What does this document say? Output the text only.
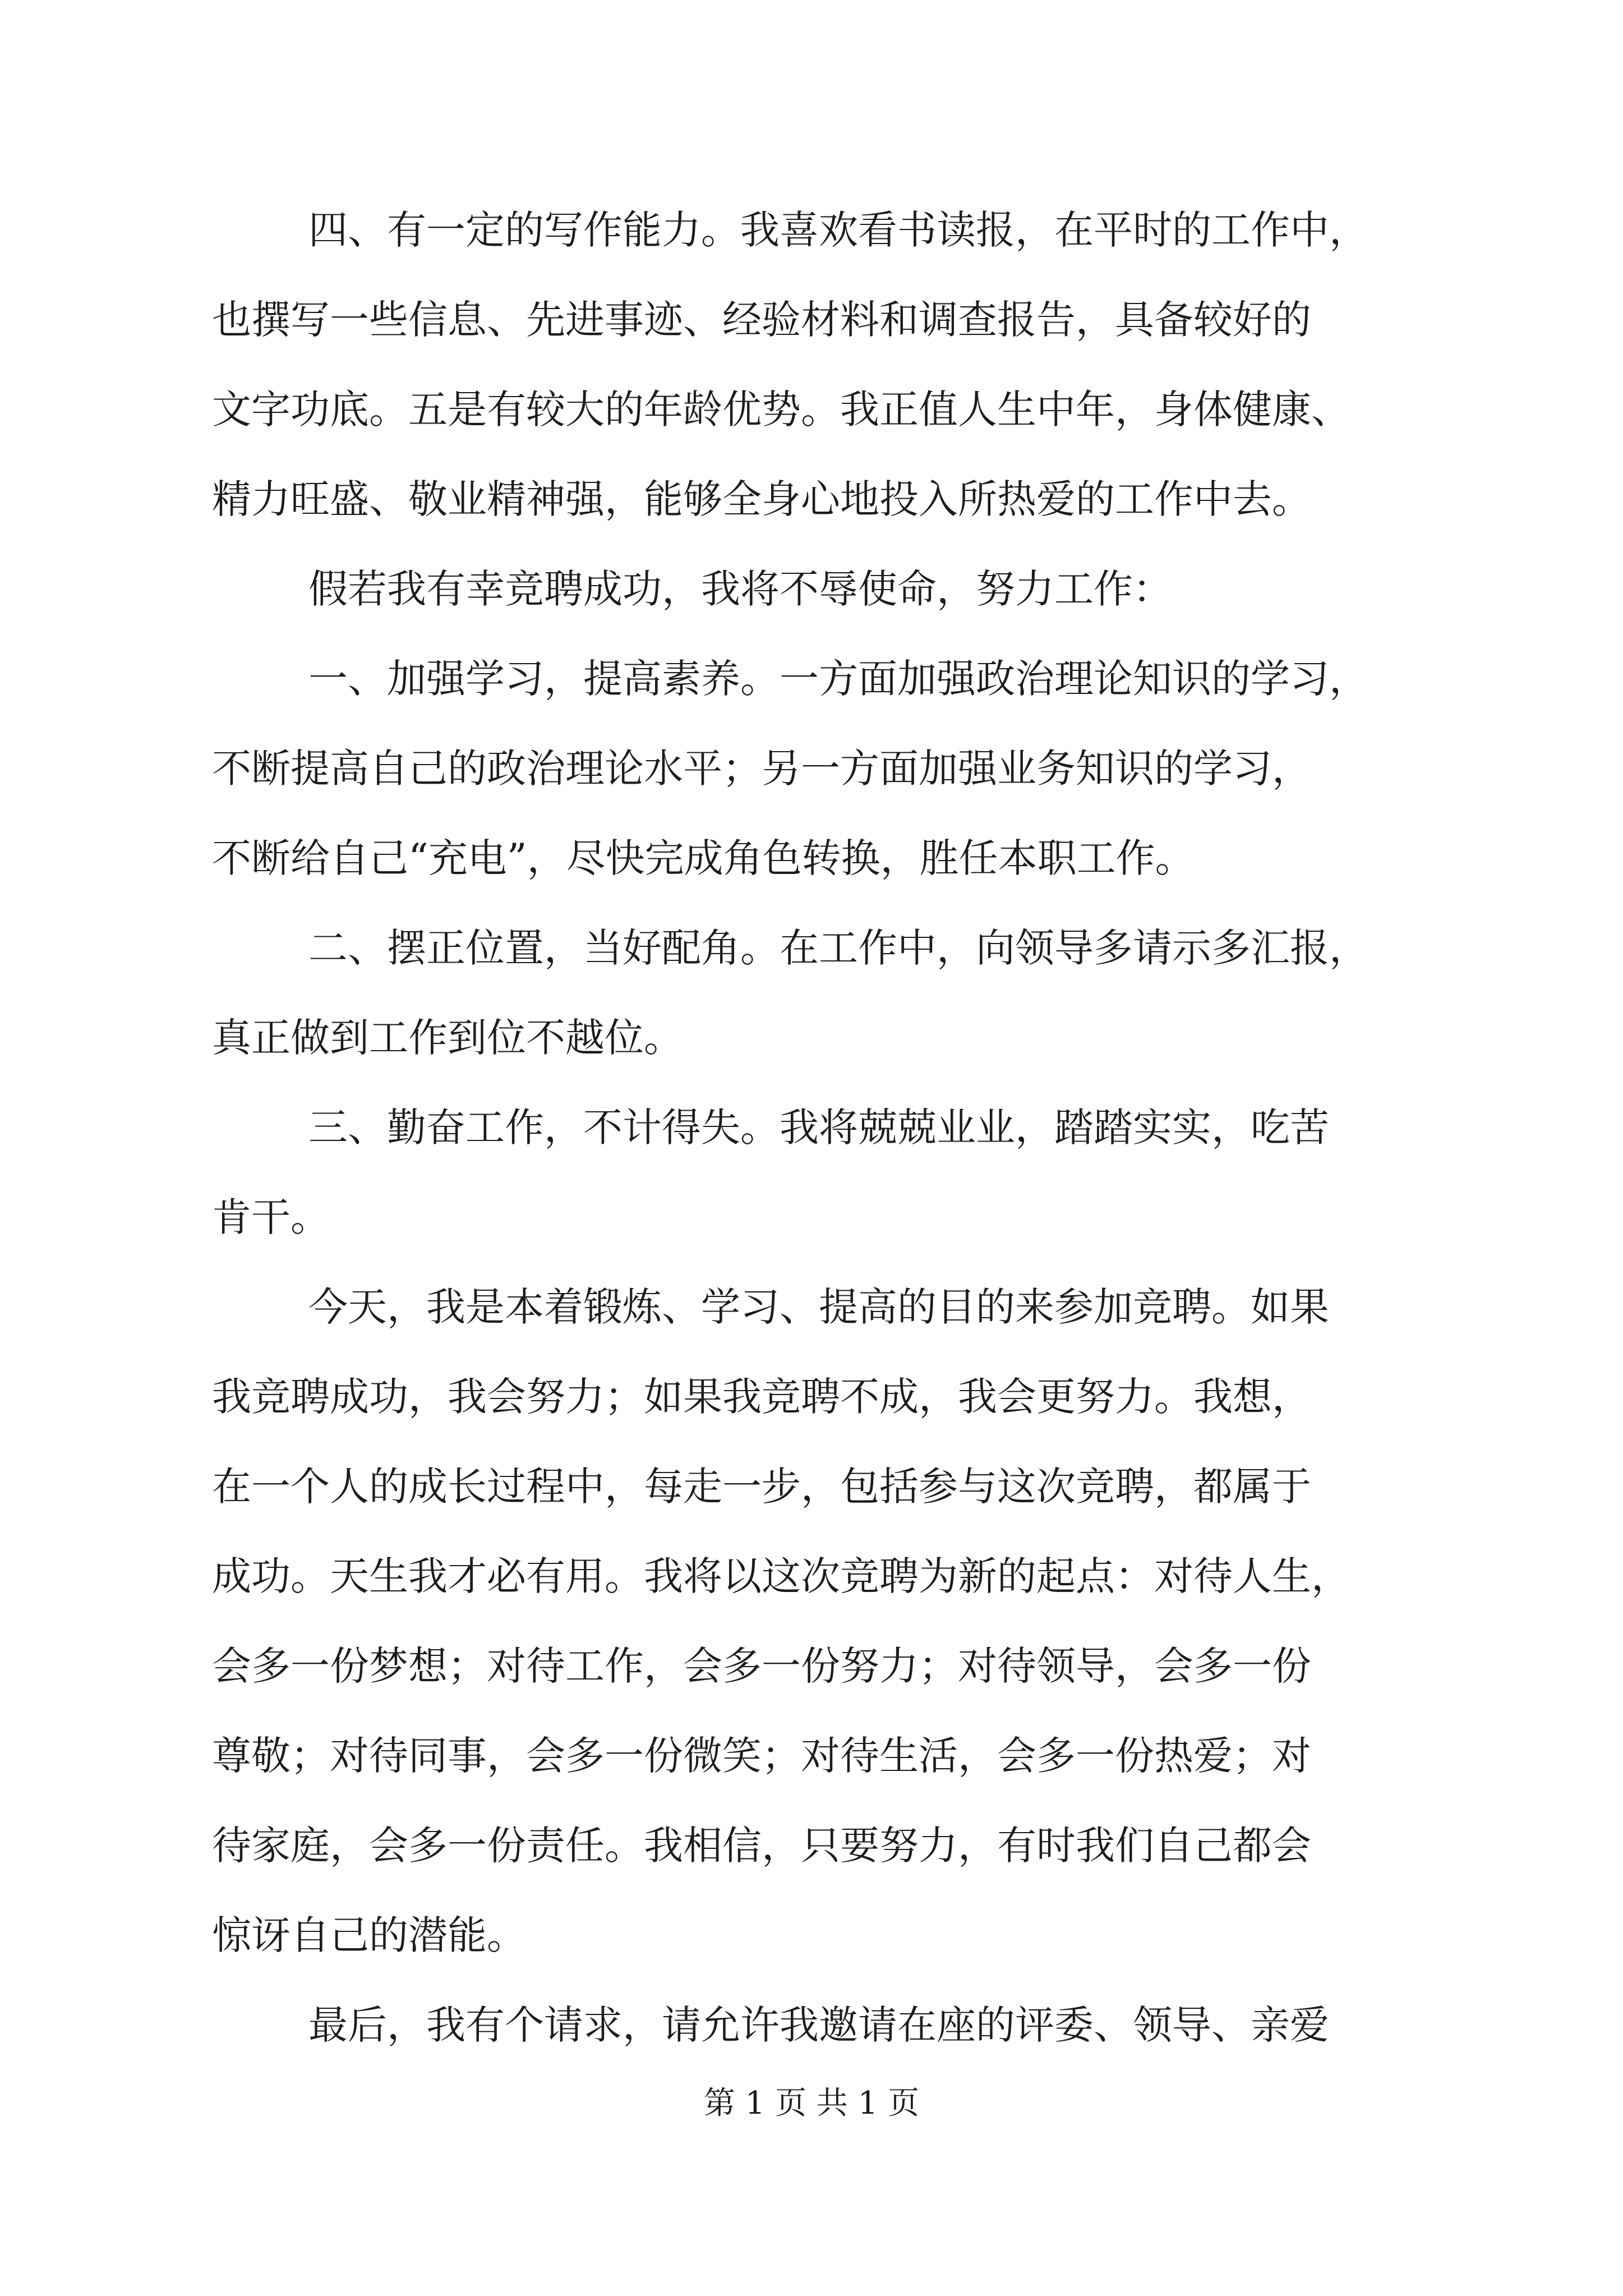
四、有一定的写作能力。我喜欢看书读报，在平时的工作中，
也撰写一些信息、先进事迹、经验材料和调查报告，具备较好的
文字功底。五是有较大的年龄优势。我正值人生中年，身体健康、
精力旺盛、敬业精神强，能够全身心地投入所热爱的工作中去。
假若我有幸竞聘成功，我将不辱使命，努力工作：
一、加强学习，提高素养。一方面加强政治理论知识的学习，
不断提高自己的政治理论水平；另一方面加强业务知识的学习，
不断给自己“充电”，尽快完成角色转换，胜任本职工作。
二、摆正位置，当好配角。在工作中，向领导多请示多汇报，
真正做到工作到位不越位。
三、勤奋工作，不计得失。我将兢兢业业，踏踏实实，吃苦
肯干。
今天，我是本着锻炼、学习、提高的目的来参加竞聘。如果
我竞聘成功，我会努力；如果我竞聘不成，我会更努力。我想，
在一个人的成长过程中，每走一步，包括参与这次竞聘，都属于
成功。天生我才必有用。我将以这次竞聘为新的起点：对待人生，
会多一份梦想；对待工作，会多一份努力；对待领导，会多一份
尊敬；对待同事，会多一份微笑；对待生活，会多一份热爱；对
待家庭，会多一份责任。我相信，只要努力，有时我们自己都会
惊讶自己的潜能。
最后，我有个请求，请允许我邀请在座的评委、领导、亲爱
第 1 页 共 1 页
